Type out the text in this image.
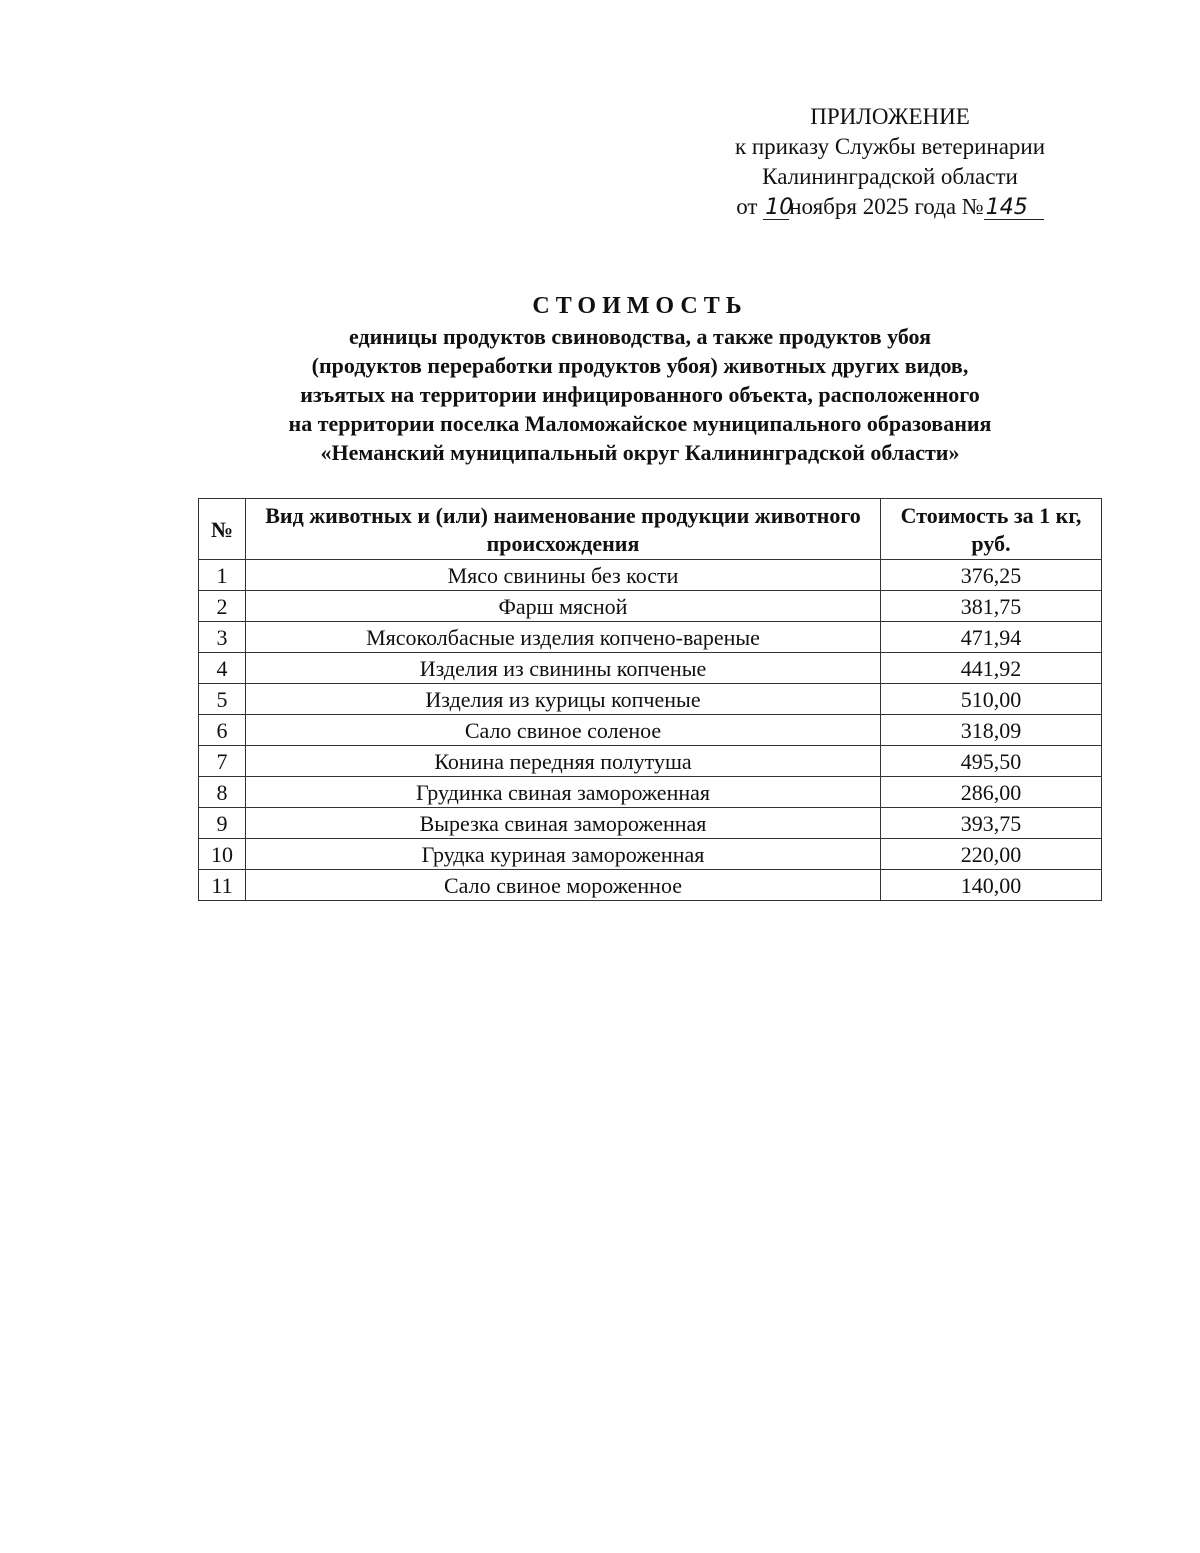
ПРИЛОЖЕНИЕ
к приказу Службы ветеринарии
Калининградской области
от 10ноября 2025 года №145
СТОИМОСТЬ
единицы продуктов свиноводства, а также продуктов убоя
(продуктов переработки продуктов убоя) животных других видов,
изъятых на территории инфицированного объекта, расположенного
на территории поселка Маломожайское муниципального образования
«Неманский муниципальный округ Калининградской области»
№	Вид животных и (или) наименование продукции животного происхождения	Стоимость за 1 кг, руб.
1	Мясо свинины без кости	376,25
2	Фарш мясной	381,75
3	Мясоколбасные изделия копчено-вареные	471,94
4	Изделия из свинины копченые	441,92
5	Изделия из курицы копченые	510,00
6	Сало свиное соленое	318,09
7	Конина передняя полутуша	495,50
8	Грудинка свиная замороженная	286,00
9	Вырезка свиная замороженная	393,75
10	Грудка куриная замороженная	220,00
11	Сало свиное мороженное	140,00
